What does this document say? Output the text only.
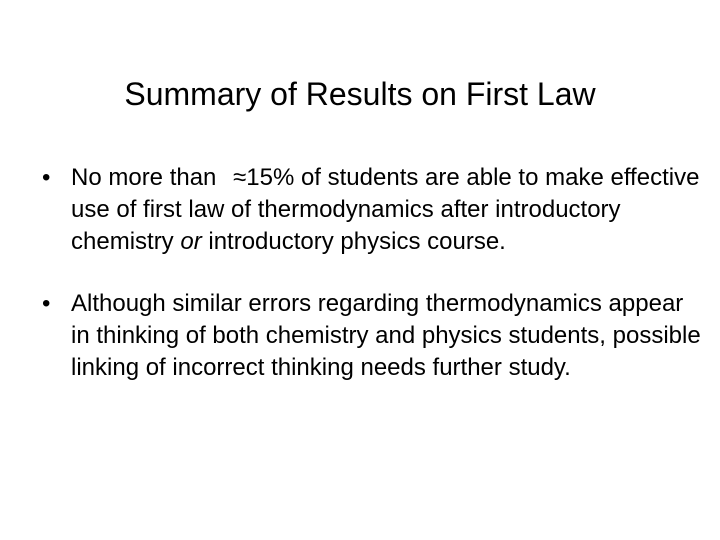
Summary of Results on First Law
• No more than ≈15% of students are able to make effective use of first law of thermodynamics after introductory chemistry or introductory physics course.
• Although similar errors regarding thermodynamics appear in thinking of both chemistry and physics students, possible linking of incorrect thinking needs further study.
